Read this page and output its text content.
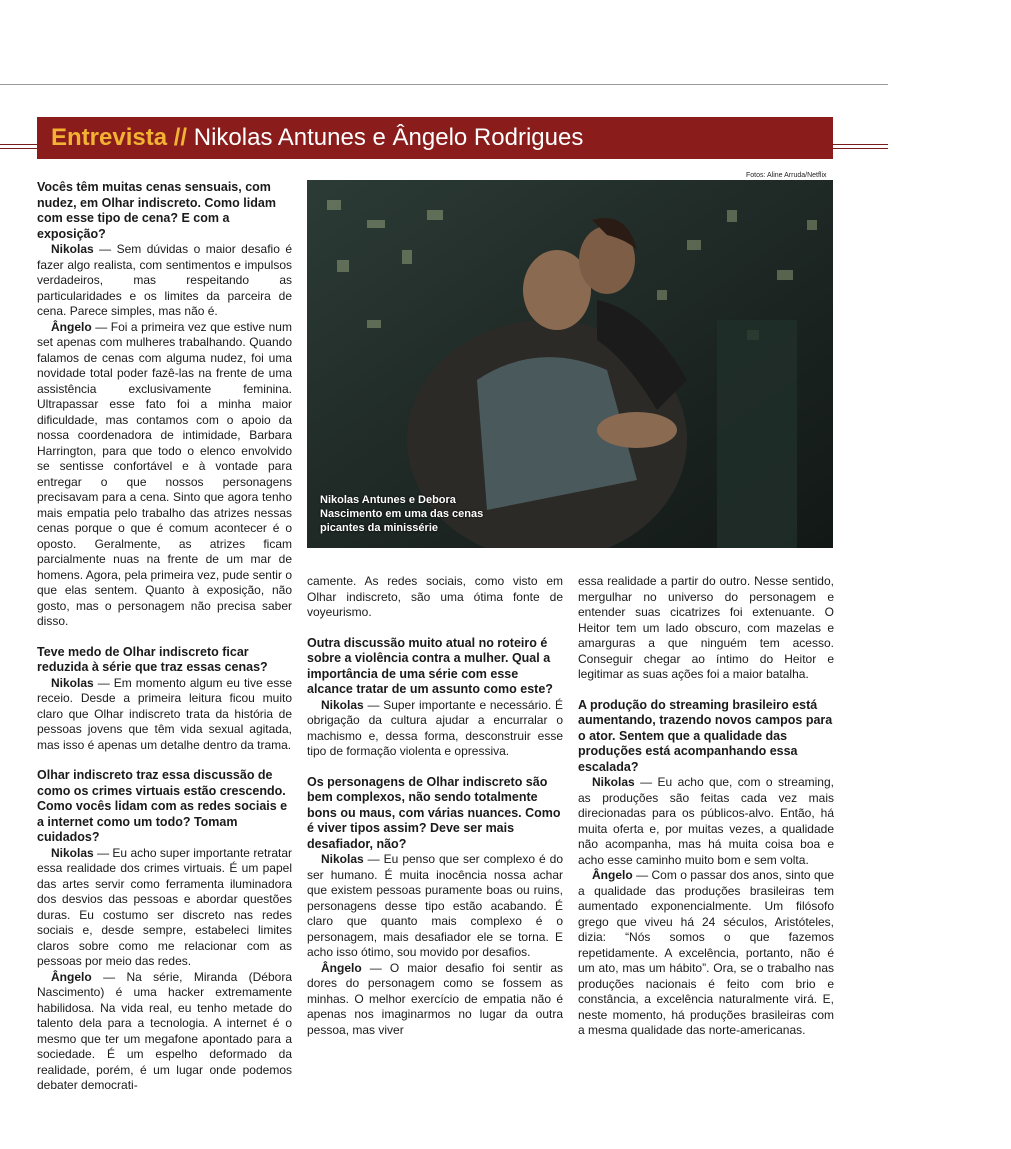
Entrevista // Nikolas Antunes e Ângelo Rodrigues
Fotos: Aline Arruda/Netflix
Nikolas Antunes e Debora Nascimento em uma das cenas picantes da minissérie
Vocês têm muitas cenas sensuais, com nudez, em Olhar indiscreto. Como lidam com esse tipo de cena? E com a exposição?

Nikolas — Sem dúvidas o maior desafio é fazer algo realista, com sentimentos e impulsos verdadeiros, mas respeitando as particularidades e os limites da parceira de cena. Parece simples, mas não é.

Ângelo — Foi a primeira vez que estive num set apenas com mulheres trabalhando. Quando falamos de cenas com alguma nudez, foi uma novidade total poder fazê-las na frente de uma assistência exclusivamente feminina. Ultrapassar esse fato foi a minha maior dificuldade, mas contamos com o apoio da nossa coordenadora de intimidade, Barbara Harrington, para que todo o elenco envolvido se sentisse confortável e à vontade para entregar o que nossos personagens precisavam para a cena. Sinto que agora tenho mais empatia pelo trabalho das atrizes nessas cenas porque o que é comum acontecer é o oposto. Geralmente, as atrizes ficam parcialmente nuas na frente de um mar de homens. Agora, pela primeira vez, pude sentir o que elas sentem. Quanto à exposição, não gosto, mas o personagem não precisa saber disso.

Teve medo de Olhar indiscreto ficar reduzida à série que traz essas cenas?

Nikolas — Em momento algum eu tive esse receio. Desde a primeira leitura ficou muito claro que Olhar indiscreto trata da história de pessoas jovens que têm vida sexual agitada, mas isso é apenas um detalhe dentro da trama.

Olhar indiscreto traz essa discussão de como os crimes virtuais estão crescendo. Como vocês lidam com as redes sociais e a internet como um todo? Tomam cuidados?

Nikolas — Eu acho super importante retratar essa realidade dos crimes virtuais. É um papel das artes servir como ferramenta iluminadora dos desvios das pessoas e abordar questões duras. Eu costumo ser discreto nas redes sociais e, desde sempre, estabeleci limites claros sobre como me relacionar com as pessoas por meio das redes.

Ângelo — Na série, Miranda (Débora Nascimento) é uma hacker extremamente habilidosa. Na vida real, eu tenho metade do talento dela para a tecnologia. A internet é o mesmo que ter um megafone apontado para a sociedade. É um espelho deformado da realidade, porém, é um lugar onde podemos debater democrati-

camente. As redes sociais, como visto em Olhar indiscreto, são uma ótima fonte de voyeurismo.

Outra discussão muito atual no roteiro é sobre a violência contra a mulher. Qual a importância de uma série com esse alcance tratar de um assunto como este?

Nikolas — Super importante e necessário. É obrigação da cultura ajudar a encurralar o machismo e, dessa forma, desconstruir esse tipo de formação violenta e opressiva.

Os personagens de Olhar indiscreto são bem complexos, não sendo totalmente bons ou maus, com várias nuances. Como é viver tipos assim? Deve ser mais desafiador, não?

Nikolas — Eu penso que ser complexo é do ser humano. É muita inocência nossa achar que existem pessoas puramente boas ou ruins, personagens desse tipo estão acabando. É claro que quanto mais complexo é o personagem, mais desafiador ele se torna. E acho isso ótimo, sou movido por desafios.

Ângelo — O maior desafio foi sentir as dores do personagem como se fossem as minhas. O melhor exercício de empatia não é apenas nos imaginarmos no lugar da outra pessoa, mas viver

essa realidade a partir do outro. Nesse sentido, mergulhar no universo do personagem e entender suas cicatrizes foi extenuante. O Heitor tem um lado obscuro, com mazelas e amarguras a que ninguém tem acesso. Conseguir chegar ao íntimo do Heitor e legitimar as suas ações foi a maior batalha.

A produção do streaming brasileiro está aumentando, trazendo novos campos para o ator. Sentem que a qualidade das produções está acompanhando essa escalada?

Nikolas — Eu acho que, com o streaming, as produções são feitas cada vez mais direcionadas para os públicos-alvo. Então, há muita oferta e, por muitas vezes, a qualidade não acompanha, mas há muita coisa boa e acho esse caminho muito bom e sem volta.

Ângelo — Com o passar dos anos, sinto que a qualidade das produções brasileiras tem aumentado exponencialmente. Um filósofo grego que viveu há 24 séculos, Aristóteles, dizia: “Nós somos o que fazemos repetidamente. A excelência, portanto, não é um ato, mas um hábito”. Ora, se o trabalho nas produções nacionais é feito com brio e constância, a excelência naturalmente virá. E, neste momento, há produções brasileiras com a mesma qualidade das norte-americanas.
